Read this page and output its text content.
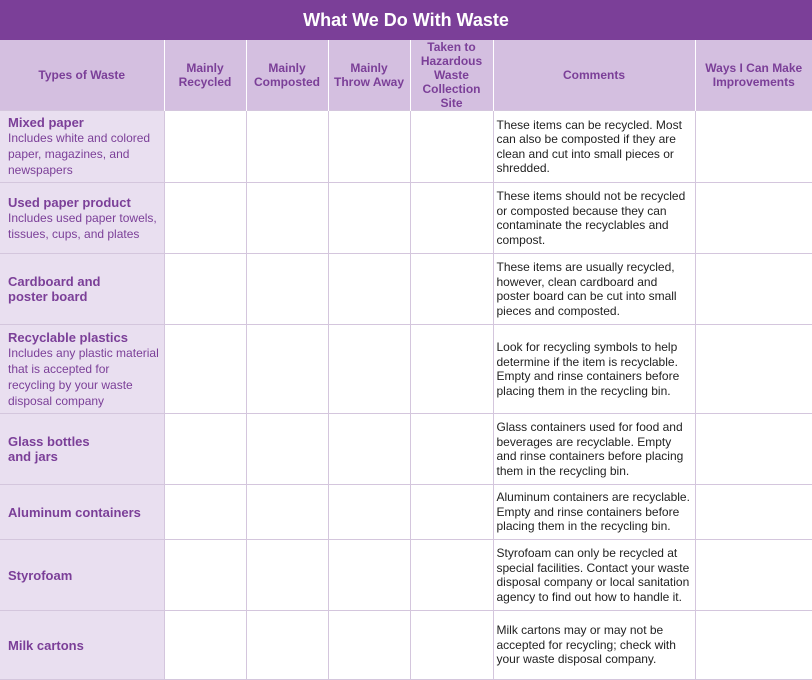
What We Do With Waste
Types of Waste	Mainly Recycled	Mainly Composted	Mainly Throw Away	Taken to Hazardous Waste Collection Site	Comments	Ways I Can Make Improvements

Mixed paper
Includes white and colored paper, magazines, and newspapers					These items can be recycled. Most can also be composted if they are clean and cut into small pieces or shredded.	

Used paper product
Includes used paper towels, tissues, cups, and plates					These items should not be recycled or composted because they can contaminate the recyclables and compost.	

Cardboard and poster board					These items are usually recycled, however, clean cardboard and poster board can be cut into small pieces and composted.	

Recyclable plastics
Includes any plastic material that is accepted for recycling by your waste disposal company					Look for recycling symbols to help determine if the item is recyclable. Empty and rinse containers before placing them in the recycling bin.	

Glass bottles and jars					Glass containers used for food and beverages are recyclable. Empty and rinse containers before placing them in the recycling bin.	

Aluminum containers					Aluminum containers are recyclable. Empty and rinse containers before placing them in the recycling bin.	

Styrofoam					Styrofoam can only be recycled at special facilities. Contact your waste disposal company or local sanitation agency to find out how to handle it.	

Milk cartons					Milk cartons may or may not be accepted for recycling; check with your waste disposal company.	
